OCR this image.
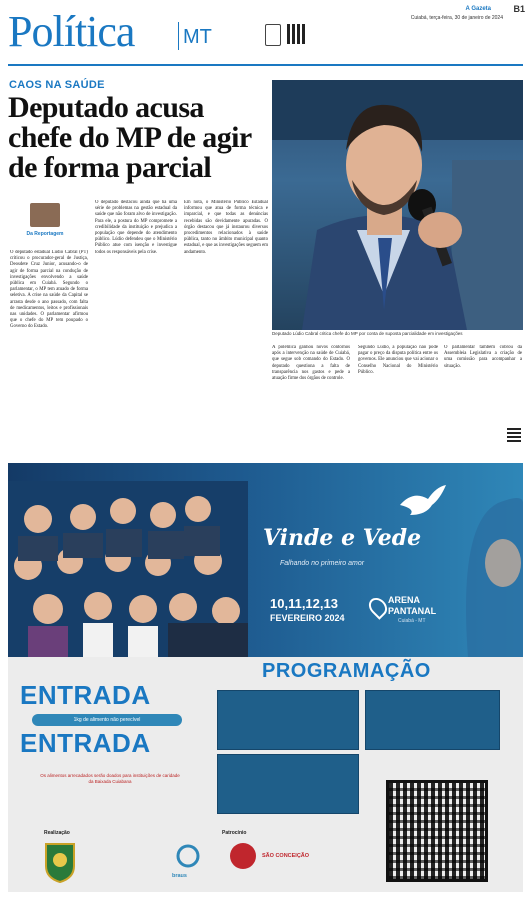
Política MT
Cuiabá, terça-feira, 30 de janeiro de 2024
A Gazeta B1
CAOS NA SAÚDE
Deputado acusa chefe do MP de agir de forma parcial
Deputado Lúdio Cabral critica chefe do MP por conta de suposta parcialidade em investigações
Da Reportagem
O deputado estadual Lúdio Cabral (PT) criticou o procurador-geral de Justiça, Deosdete Cruz Junior, acusando-o de agir de forma parcial na condução de investigações envolvendo a saúde pública em Cuiabá. Segundo o parlamentar, o MP tem atuado de forma seletiva. A crise na saúde da Capital se arrasta desde o ano passado, com falta de medicamentos, leitos e profissionais nas unidades. O parlamentar afirmou que o chefe do MP tem poupado o Governo do Estado.
O deputado destacou ainda que há uma série de problemas na gestão estadual da saúde que não foram alvo de investigação. Para ele, a postura do MP compromete a credibilidade da instituição e prejudica a população que depende do atendimento público. Lúdio defendeu que o Ministério Público atue com isenção e investigue todos os responsáveis pela crise.
Em nota, o Ministério Público Estadual informou que atua de forma técnica e imparcial, e que todas as denúncias recebidas são devidamente apuradas. O órgão destacou que já instaurou diversos procedimentos relacionados à saúde pública, tanto no âmbito municipal quanto estadual, e que as investigações seguem em andamento.
A polêmica ganhou novos contornos após a intervenção na saúde de Cuiabá, que segue sob comando do Estado. O deputado questiona a falta de transparência nos gastos e pede a atuação firme dos órgãos de controle.
Segundo Lúdio, a população não pode pagar o preço da disputa política entre os governos. Ele anunciou que vai acionar o Conselho Nacional do Ministério Público.
O parlamentar também cobrou da Assembleia Legislativa a criação de uma comissão para acompanhar a situação.
Vinde e Vede
Falhando no primeiro amor
10,11,12,13
FEVEREIRO 2024
ARENA
PANTANAL
Cuiabá - MT
ENTRADA
1kg de alimento não perecível
ENTRADA
Os alimentos arrecadados serão doados para instituições de caridade da Baixada Cuiabana
PROGRAMAÇÃO
Realização	Patrocínio
braus
SÃO CONCEIÇÃO
